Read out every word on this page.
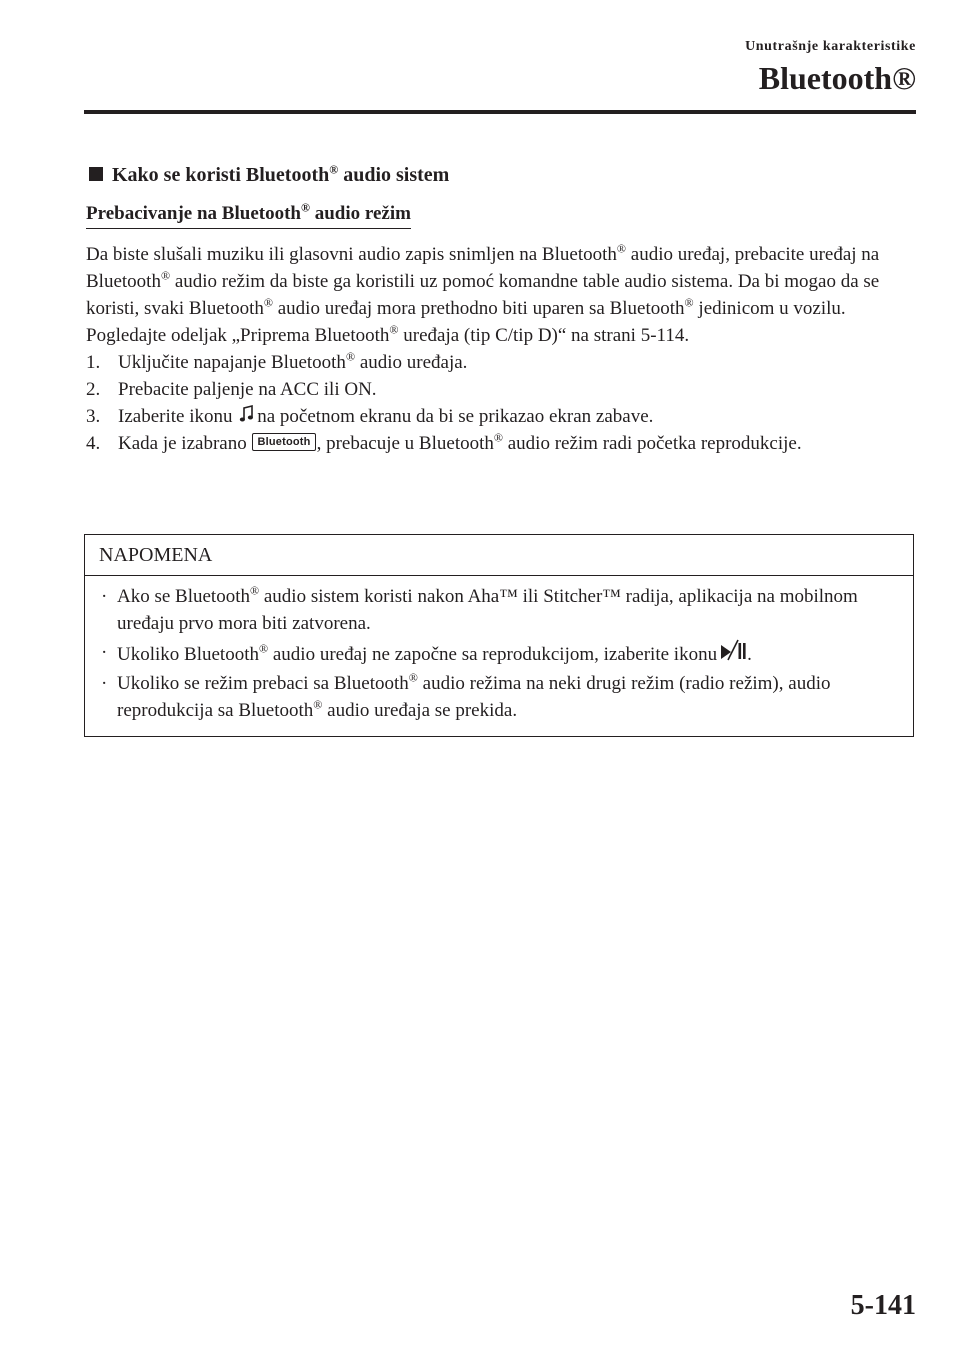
Unutrašnje karakteristike
Bluetooth®
Kako se koristi Bluetooth® audio sistem
Prebacivanje na Bluetooth® audio režim
Da biste slušali muziku ili glasovni audio zapis snimljen na Bluetooth® audio uređaj, prebacite uređaj na Bluetooth® audio režim da biste ga koristili uz pomoć komandne table audio sistema. Da bi mogao da se koristi, svaki Bluetooth® audio uređaj mora prethodno biti uparen sa Bluetooth® jedinicom u vozilu.
Pogledajte odeljak „Priprema Bluetooth® uređaja (tip C/tip D)“ na strani 5-114.
1. Uključite napajanje Bluetooth® audio uređaja.
2. Prebacite paljenje na ACC ili ON.
3. Izaberite ikonu na početnom ekranu da bi se prikazao ekran zabave.
4. Kada je izabrano Bluetooth , prebacuje u Bluetooth® audio režim radi početka reprodukcije.
NAPOMENA
· Ako se Bluetooth® audio sistem koristi nakon Aha™ ili Stitcher™ radija, aplikacija na mobilnom uređaju prvo mora biti zatvorena.
· Ukoliko Bluetooth® audio uređaj ne započne sa reprodukcijom, izaberite ikonu .
· Ukoliko se režim prebaci sa Bluetooth® audio režima na neki drugi režim (radio režim), audio reprodukcija sa Bluetooth® audio uređaja se prekida.
5-141
